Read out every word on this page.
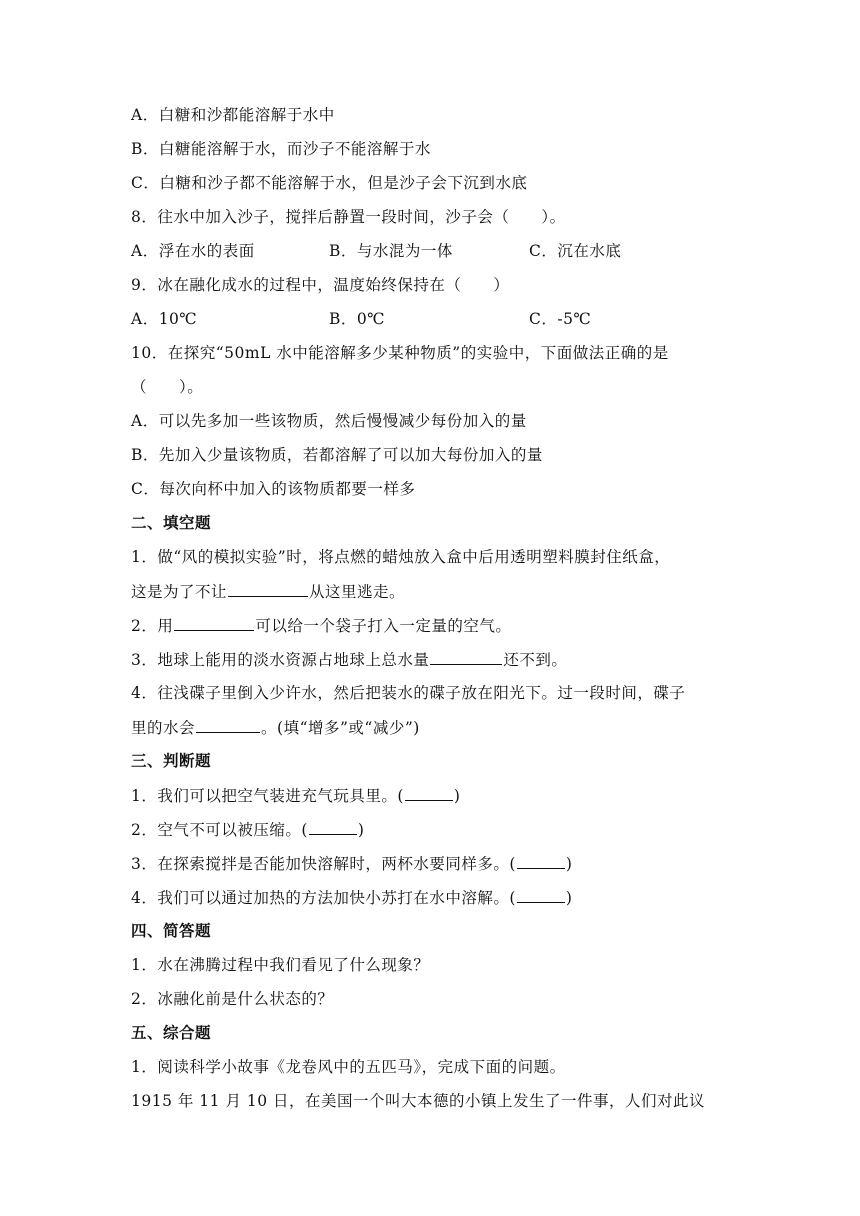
A．白糖和沙都能溶解于水中
B．白糖能溶解于水，而沙子不能溶解于水
C．白糖和沙子都不能溶解于水，但是沙子会下沉到水底
8．往水中加入沙子，搅拌后静置一段时间，沙子会（　　）。
A．浮在水的表面	B．与水混为一体	C．沉在水底
9．冰在融化成水的过程中，温度始终保持在（　　）
A．10℃	B．0℃	C．-5℃
10．在探究“50mL 水中能溶解多少某种物质”的实验中，下面做法正确的是
（　　）。
A．可以先多加一些该物质，然后慢慢减少每份加入的量
B．先加入少量该物质，若都溶解了可以加大每份加入的量
C．每次向杯中加入的该物质都要一样多
二、填空题
1．做“风的模拟实验”时，将点燃的蜡烛放入盒中后用透明塑料膜封住纸盒，
这是为了不让	从这里逃走。
2．用	可以给一个袋子打入一定量的空气。
3．地球上能用的淡水资源占地球上总水量	还不到。
4．往浅碟子里倒入少许水，然后把装水的碟子放在阳光下。过一段时间，碟子
里的水会	。(填“增多”或“减少”)
三、判断题
1．我们可以把空气装进充气玩具里。(	)
2．空气不可以被压缩。(	)
3．在探索搅拌是否能加快溶解时，两杯水要同样多。(	)
4．我们可以通过加热的方法加快小苏打在水中溶解。(	)
四、简答题
1．水在沸腾过程中我们看见了什么现象？
2．冰融化前是什么状态的？
五、综合题
1．阅读科学小故事《龙卷风中的五匹马》，完成下面的问题。
1915 年 11 月 10 日，在美国一个叫大本德的小镇上发生了一件事，人们对此议
